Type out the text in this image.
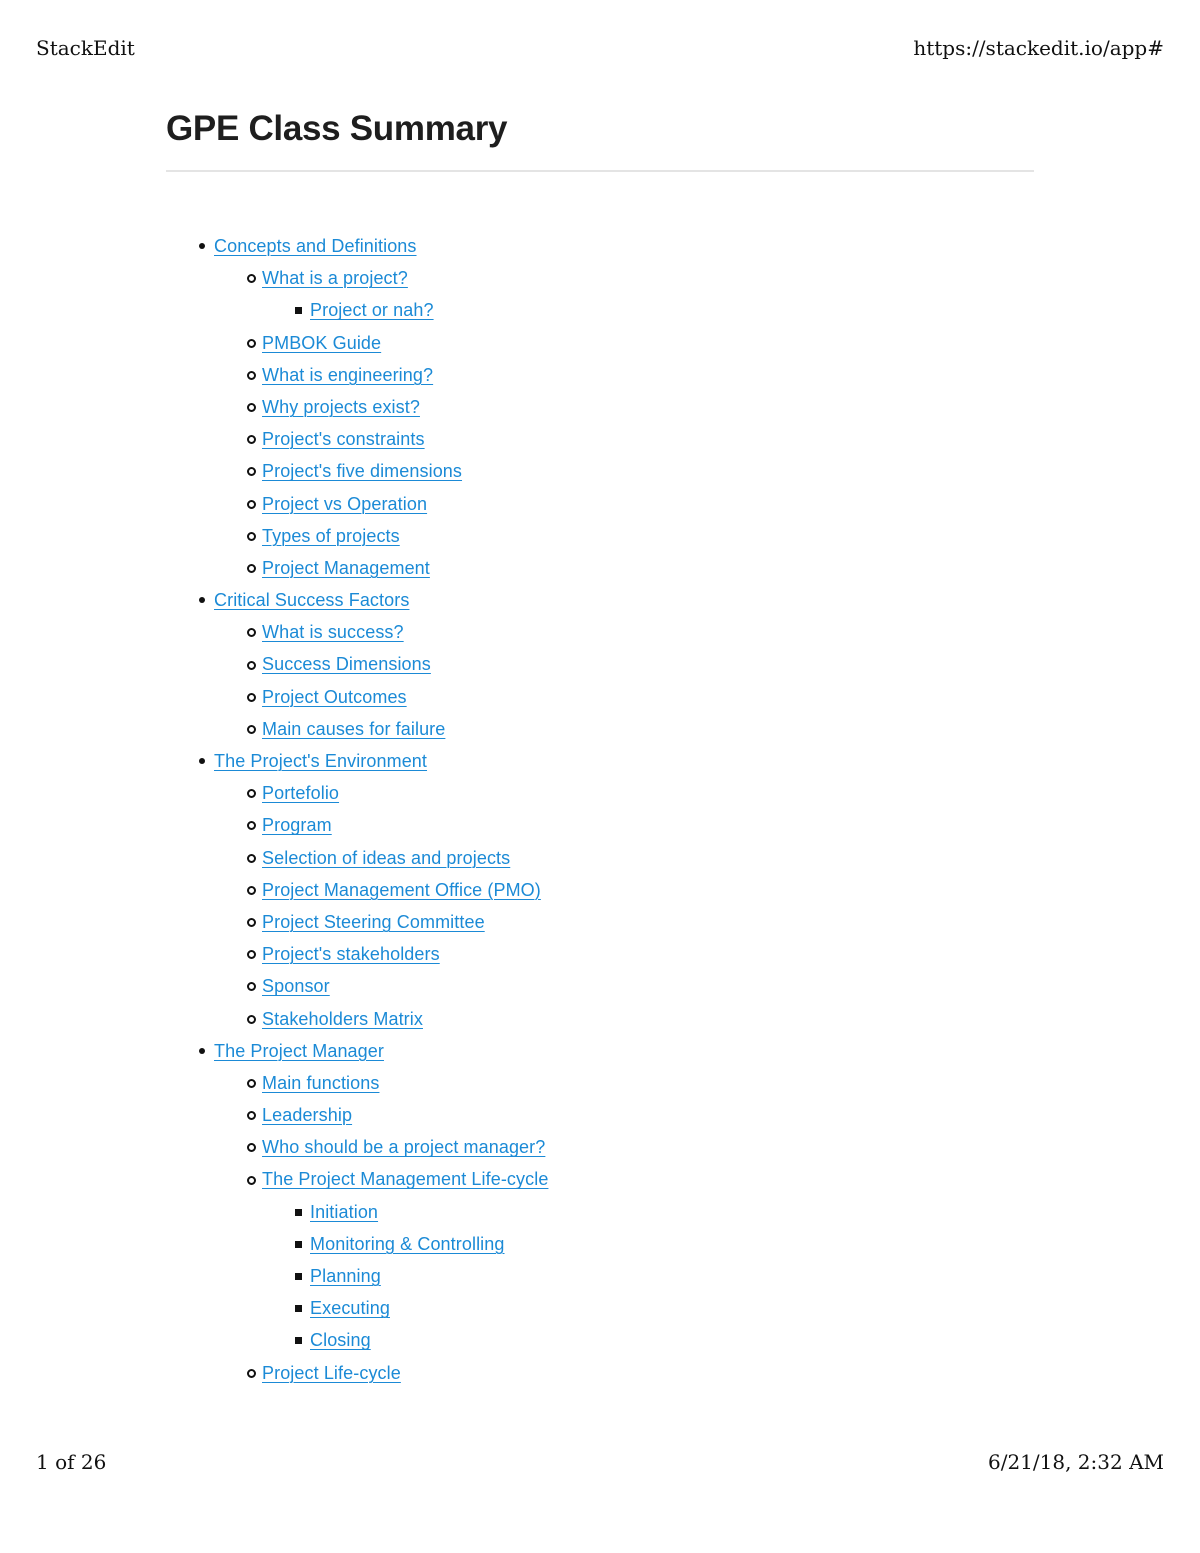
StackEdit	https://stackedit.io/app#
GPE Class Summary
Concepts and Definitions
What is a project?
Project or nah?
PMBOK Guide
What is engineering?
Why projects exist?
Project's constraints
Project's five dimensions
Project vs Operation
Types of projects
Project Management
Critical Success Factors
What is success?
Success Dimensions
Project Outcomes
Main causes for failure
The Project's Environment
Portefolio
Program
Selection of ideas and projects
Project Management Office (PMO)
Project Steering Committee
Project's stakeholders
Sponsor
Stakeholders Matrix
The Project Manager
Main functions
Leadership
Who should be a project manager?
The Project Management Life-cycle
Initiation
Monitoring & Controlling
Planning
Executing
Closing
Project Life-cycle
1 of 26	6/21/18, 2:32 AM
